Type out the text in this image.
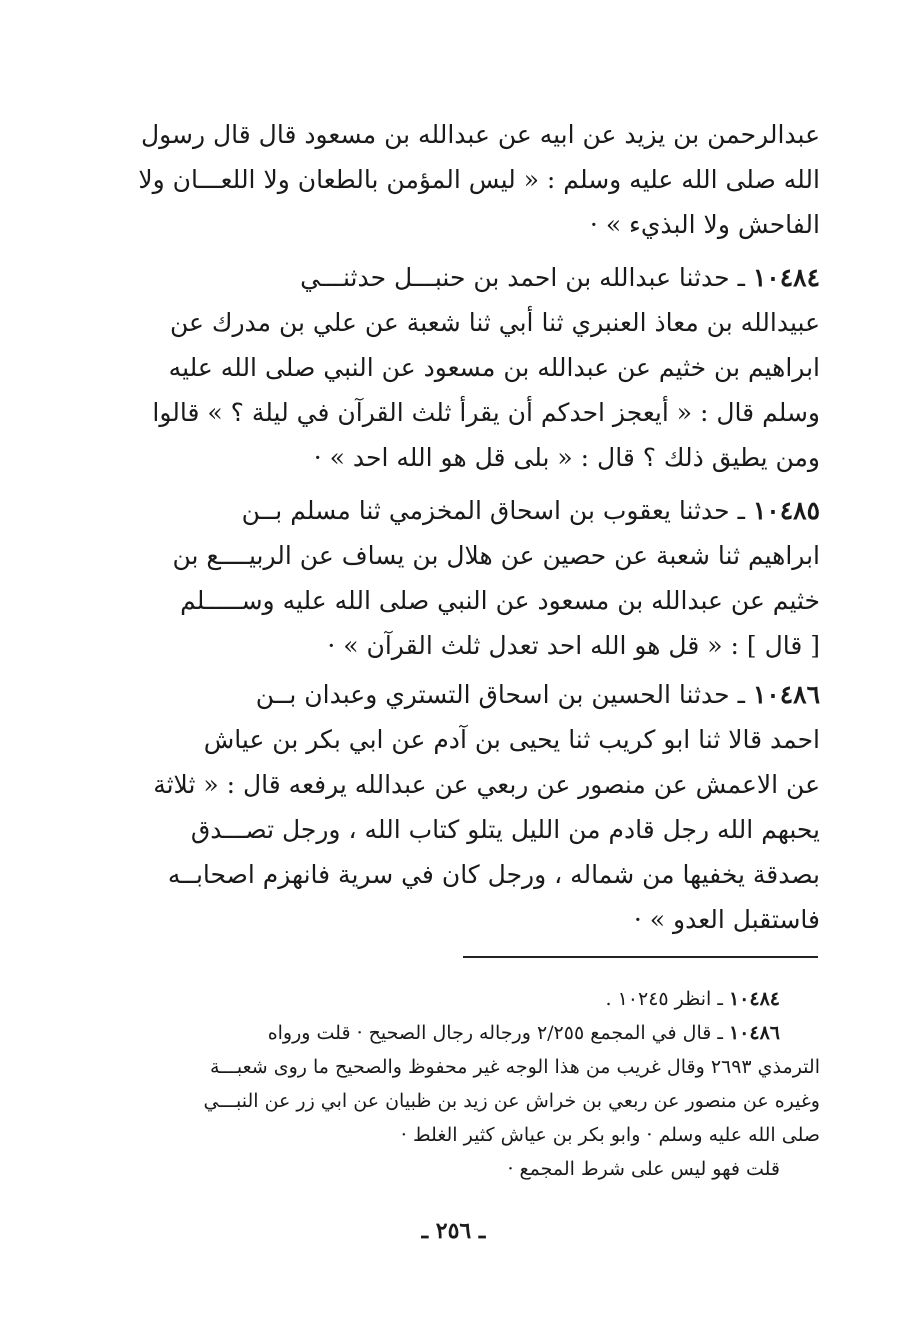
عبدالرحمن بن يزيد عن ابيه عن عبدالله بن مسعود قال قال رسول
الله صلى الله عليه وسلم : « ليس المؤمن بالطعان ولا اللعـــان ولا
الفاحش ولا البذيء » ·
١٠٤٨٤ ـ حدثنا عبدالله بن احمد بن حنبـــل حدثنـــي
عبيدالله بن معاذ العنبري ثنا أبي ثنا شعبة عن علي بن مدرك عن
ابراهيم بن خثيم عن عبدالله بن مسعود عن النبي صلى الله عليه
وسلم قال : « أيعجز احدكم أن يقرأ ثلث القرآن في ليلة ؟ » قالوا
ومن يطيق ذلك ؟ قال : « بلى قل هو الله احد » ·
١٠٤٨٥ ـ حدثنا يعقوب بن اسحاق المخزمي ثنا مسلم بــن
ابراهيم ثنا شعبة عن حصين عن هلال بن يساف عن الربيــــع بن
خثيم عن عبدالله بن مسعود عن النبي صلى الله عليه وســـــلم
[ قال ] : « قل هو الله احد تعدل ثلث القرآن » ·
١٠٤٨٦ ـ حدثنا الحسين بن اسحاق التستري وعبدان بــن
احمد قالا ثنا ابو كريب ثنا يحيى بن آدم عن ابي بكر بن عياش
عن الاعمش عن منصور عن ربعي عن عبدالله يرفعه قال : « ثلاثة
يحبهم الله رجل قادم من الليل يتلو كتاب الله ، ورجل تصـــدق
بصدقة يخفيها من شماله ، ورجل كان في سرية فانهزم اصحابــه
فاستقبل العدو » ·
١٠٤٨٤ ـ انظر ١٠٢٤٥ .
١٠٤٨٦ ـ قال في المجمع ٢/٢٥٥ ورجاله رجال الصحيح · قلت ورواه
الترمذي ٢٦٩٣ وقال غريب من هذا الوجه غير محفوظ والصحيح ما روى شعبـــة
وغيره عن منصور عن ربعي بن خراش عن زيد بن ظبيان عن ابي زر عن النبـــي
صلى الله عليه وسلم · وابو بكر بن عياش كثير الغلط ·
قلت فهو ليس على شرط المجمع ·
ـ ٢٥٦ ـ
